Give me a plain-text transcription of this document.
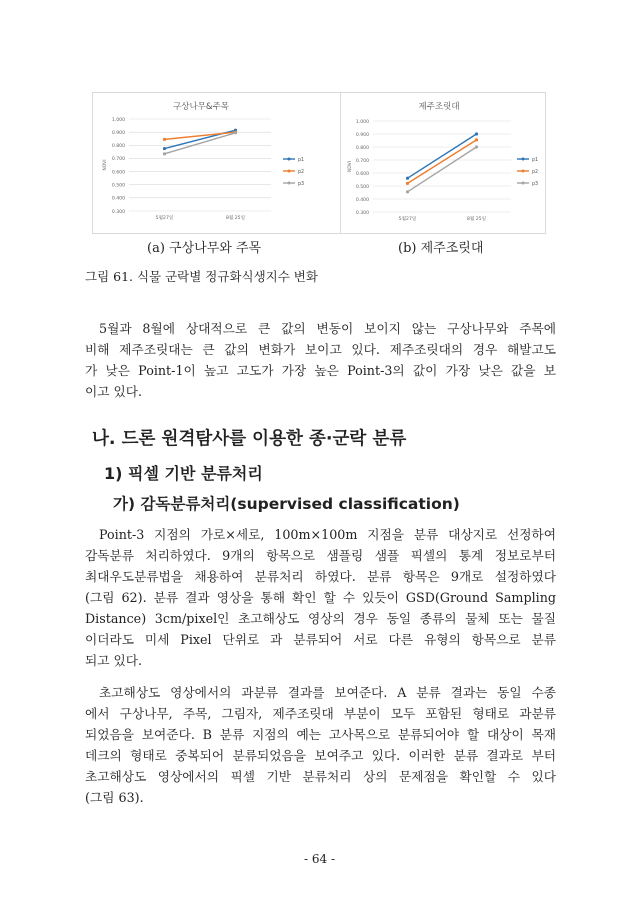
구상나무&주목
NDVI
1.000
0.900
0.800
0.700
0.600
0.500
0.400
0.300
5월27일	8월 25일
p1
p2
p3
제주조릿대
NDVI
1.000
0.900
0.800
0.700
0.600
0.500
0.400
0.300
5월27일	8월 25일
p1
p2
p3
(a) 구상나무와 주목	(b) 제주조릿대
그림 61. 식물 군락별 정규화식생지수 변화
5월과 8월에 상대적으로 큰 값의 변동이 보이지 않는 구상나무와 주목에
비해 제주조릿대는 큰 값의 변화가 보이고 있다. 제주조릿대의 경우 해발고도
가 낮은 Point-1이 높고 고도가 가장 높은 Point-3의 값이 가장 낮은 값을 보
이고 있다.
나. 드론 원격탐사를 이용한 종·군락 분류
1) 픽셀 기반 분류처리
가) 감독분류처리(supervised classification)
Point-3 지점의 가로×세로, 100m×100m 지점을 분류 대상지로 선정하여
감독분류 처리하였다. 9개의 항목으로 샘플링 샘플 픽셀의 통계 정보로부터
최대우도분류법을 채용하여 분류처리 하였다. 분류 항목은 9개로 설정하였다
(그림 62). 분류 결과 영상을 통해 확인 할 수 있듯이 GSD(Ground Sampling
Distance) 3cm/pixel인 초고해상도 영상의 경우 동일 종류의 물체 또는 물질
이더라도 미세 Pixel 단위로 과 분류되어 서로 다른 유형의 항목으로 분류
되고 있다.
초고해상도 영상에서의 과분류 결과를 보여준다. A 분류 결과는 동일 수종
에서 구상나무, 주목, 그림자, 제주조릿대 부분이 모두 포함된 형태로 과분류
되었음을 보여준다. B 분류 지점의 예는 고사목으로 분류되어야 할 대상이 목재
데크의 형태로 중복되어 분류되었음을 보여주고 있다. 이러한 분류 결과로 부터
초고해상도 영상에서의 픽셀 기반 분류처리 상의 문제점을 확인할 수 있다
(그림 63).
- 64 -
